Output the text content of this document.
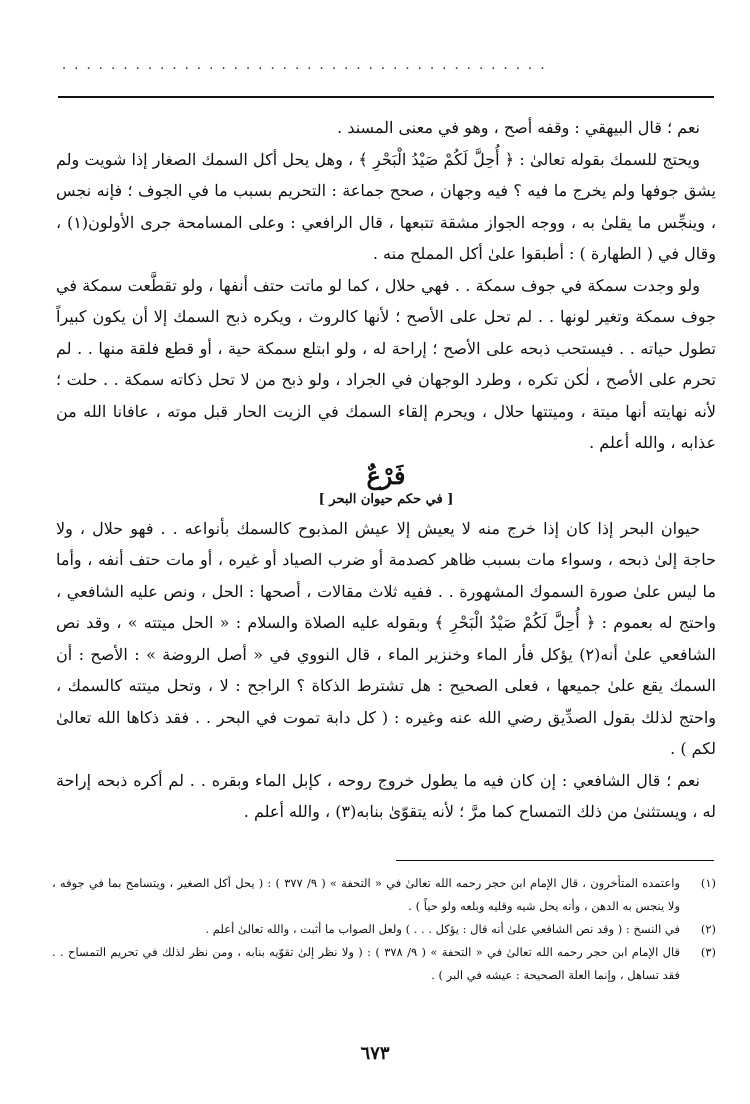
. . . . . . . . . . . . . . . . . . . . . . . . . . . . . . . . . . . . . . . .

نعم ؛ قال البيهقي : وقفه أصح ، وهو في معنى المسند .

ويحتج للسمك بقوله تعالىٰ : ﴿ أُحِلَّ لَكُمْ صَيْدُ الْبَحْرِ ﴾ ، وهل يحل أكل السمك الصغار إذا شويت ولم يشق جوفها ولم يخرج ما فيه ؟ فيه وجهان ، صحح جماعة : التحريم بسبب ما في الجوف ؛ فإنه نجس ، وينجِّس ما يقلىٰ به ، ووجه الجواز مشقة تتبعها ، قال الرافعي : وعلى المسامحة جرى الأولون(١) ، وقال في ( الطهارة ) : أطبقوا علىٰ أكل المملح منه .

ولو وجدت سمكة في جوف سمكة . . فهي حلال ، كما لو ماتت حتف أنفها ، ولو تقطَّعت سمكة في جوف سمكة وتغير لونها . . لم تحل على الأصح ؛ لأنها كالروث ، ويكره ذبح السمك إلا أن يكون كبيراً تطول حياته . . فيستحب ذبحه على الأصح ؛ إراحة له ، ولو ابتلع سمكة حية ، أو قطع فلقة منها . . لم تحرم على الأصح ، لٰكن تكره ، وطرد الوجهان في الجراد ، ولو ذبح من لا تحل ذكاته سمكة . . حلت ؛ لأنه نهايته أنها ميتة ، وميتتها حلال ، ويحرم إلقاء السمك في الزيت الحار قبل موته ، عافانا الله من عذابه ، والله أعلم .

فَرْعٌ
[ في حكم حيوان البحر ]

حيوان البحر إذا كان إذا خرج منه لا يعيش إلا عيش المذبوح كالسمك بأنواعه . . فهو حلال ، ولا حاجة إلىٰ ذبحه ، وسواء مات بسبب ظاهر كصدمة أو ضرب الصياد أو غيره ، أو مات حتف أنفه ، وأما ما ليس علىٰ صورة السموك المشهورة . . ففيه ثلاث مقالات ، أصحها : الحل ، ونص عليه الشافعي ، واحتج له بعموم : ﴿ أُحِلَّ لَكُمْ صَيْدُ الْبَحْرِ ﴾ وبقوله عليه الصلاة والسلام : « الحل ميتته » ، وقد نص الشافعي علىٰ أنه(٢) يؤكل فأر الماء وخنزير الماء ، قال النووي في « أصل الروضة » : الأصح : أن السمك يقع علىٰ جميعها ، فعلى الصحيح : هل تشترط الذكاة ؟ الراجح : لا ، وتحل ميتته كالسمك ، واحتج لذلك بقول الصدِّيق رضي الله عنه وغيره : ( كل دابة تموت في البحر . . فقد ذكاها الله تعالىٰ لكم ) .

نعم ؛ قال الشافعي : إن كان فيه ما يطول خروج روحه ، كإبل الماء وبقره . . لم أكره ذبحه إراحة له ، ويستثنىٰ من ذلك التمساح كما مرَّ ؛ لأنه يتقوّىٰ بنابه(٣) ، والله أعلم .

(١)
واعتمده المتأخرون ، قال الإمام ابن حجر رحمه الله تعالىٰ في « التحفة » ( ٩/ ٣٧٧ ) : ( يحل أكل الصغير ، ويتسامح بما في جوفه ، ولا ينجس به الدهن ، وأنه يحل شيه وقليه وبلعه ولو حياً ) .
(٢)
في النسخ : ( وقد نص الشافعي علىٰ أنه قال : يؤكل . . . ) ولعل الصواب ما أثبت ، والله تعالىٰ أعلم .
(٣)
قال الإمام ابن حجر رحمه الله تعالىٰ في « التحفة » ( ٩/ ٣٧٨ ) : ( ولا نظر إلىٰ تقوّيه بنابه ، ومن نظر لذلك في تحريم التمساح . . فقد تساهل ، وإنما العلة الصحيحة : عيشه في البر ) .
٦٧٣
